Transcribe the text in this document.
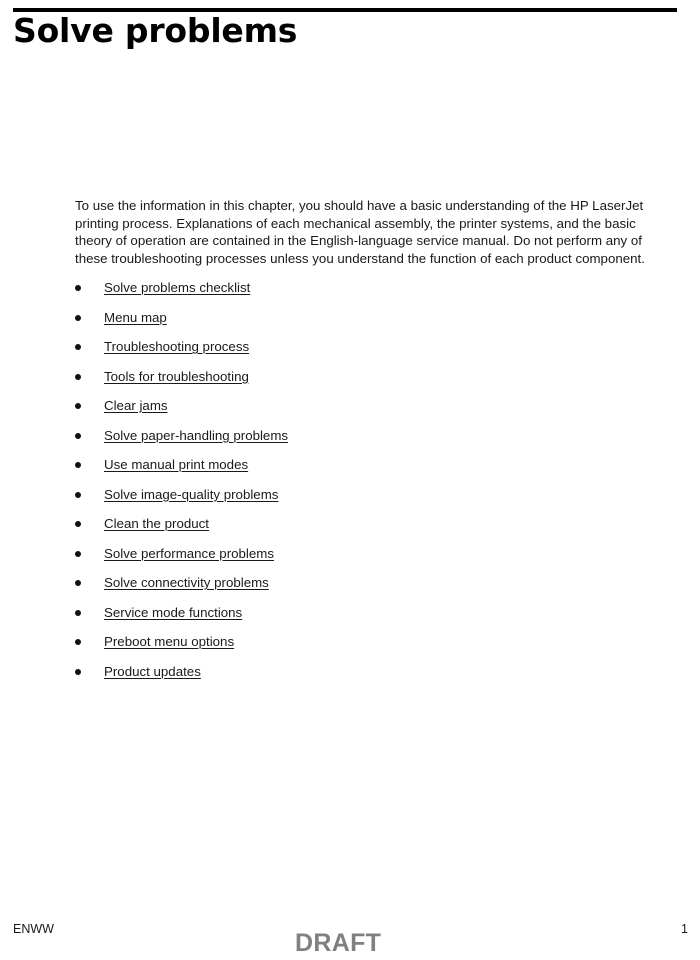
Solve problems

To use the information in this chapter, you should have a basic understanding of the HP LaserJet printing process. Explanations of each mechanical assembly, the printer systems, and the basic theory of operation are contained in the English-language service manual. Do not perform any of these troubleshooting processes unless you understand the function of each product component.

Solve problems checklist
Menu map
Troubleshooting process
Tools for troubleshooting
Clear jams
Solve paper-handling problems
Use manual print modes
Solve image-quality problems
Clean the product
Solve performance problems
Solve connectivity problems
Service mode functions
Preboot menu options
Product updates
ENWW	DRAFT	1
